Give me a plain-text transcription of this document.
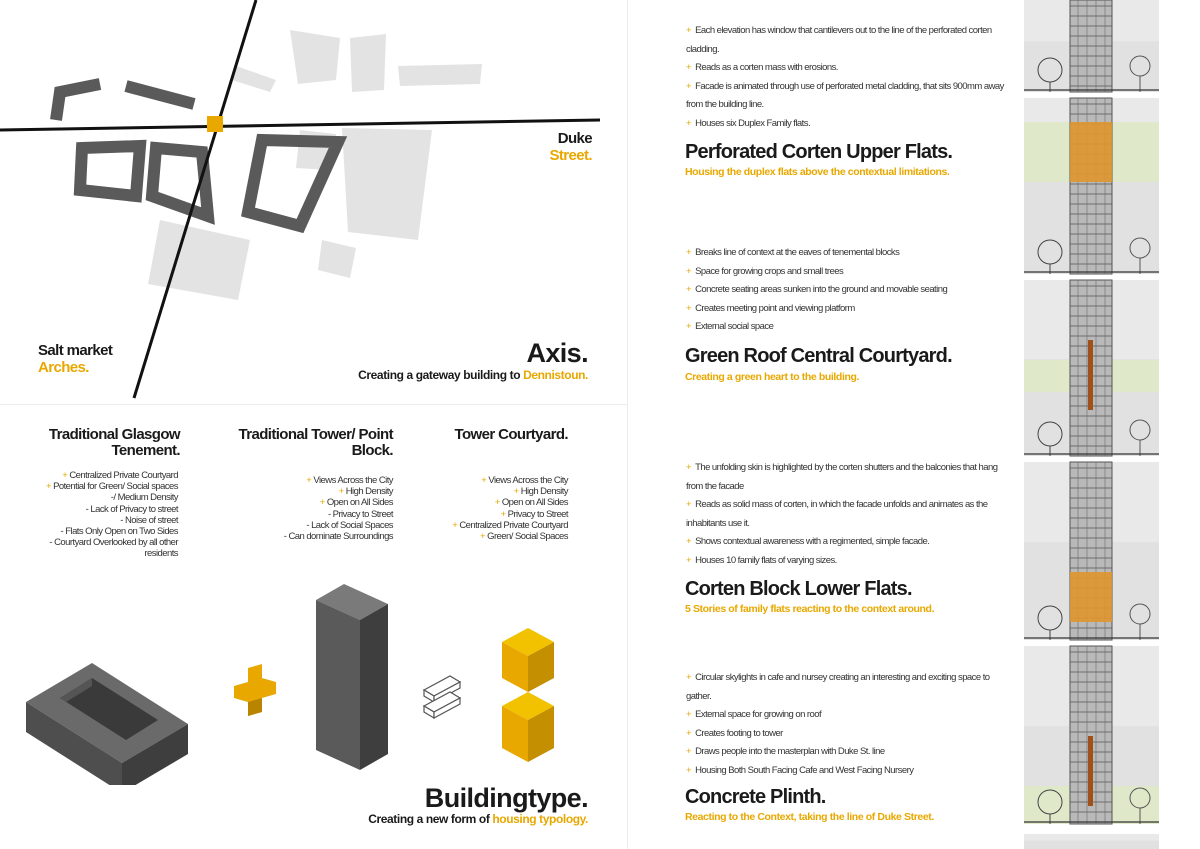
Duke
Street.
Salt market
Arches.	Axis.
Creating a gateway building to Dennistoun.
Traditional Glasgow Tenement.
+ Centralized Private Courtyard
+ Potential for Green/ Social spaces
-/ Medium Density
- Lack of Privacy to street
- Noise of street
- Flats Only Open on Two Sides
- Courtyard Overlooked by all other residents
Traditional Tower/ Point Block.
+ Views Across the City
+ High Density
+ Open on All Sides
- Privacy to Street
- Lack of Social Spaces
- Can dominate Surroundings
Tower Courtyard.
+ Views Across the City
+ High Density
+ Open on All Sides
+ Privacy to Street
+ Centralized Private Courtyard
+ Green/ Social Spaces
Buildingtype.
Creating a new form of housing typology.
+ Each elevation has window that cantilevers out to the line of the perforated corten cladding.
+ Reads as a corten mass with erosions.
+ Facade is animated through use of perforated metal cladding, that sits 900mm away from the building line.
+ Houses six Duplex Family flats.
Perforated Corten Upper Flats.
Housing the duplex flats above the contextual limitations.
+ Breaks line of context at the eaves of tenemental blocks
+ Space for growing crops and small trees
+ Concrete seating areas sunken into the ground and movable seating
+ Creates meeting point and viewing platform
+ External social space
Green Roof Central Courtyard.
Creating a green heart to the building.
+ The unfolding skin is highlighted by the corten shutters and the balconies that hang from the facade
+ Reads as solid mass of corten, in which the facade unfolds and animates as the inhabitants use it.
+ Shows contextual awareness with a regimented, simple facade.
+ Houses 10 family flats of varying sizes.
Corten Block Lower Flats.
5 Stories of family flats reacting to the context around.
+ Circular skylights in cafe and nursey creating an interesting and exciting space to gather.
+ External space for growing on roof
+ Creates footing to tower
+ Draws people into the masterplan with Duke St. line
+ Housing Both South Facing Cafe and West Facing Nursery
Concrete Plinth.
Reacting to the Context, taking the line of Duke Street.
